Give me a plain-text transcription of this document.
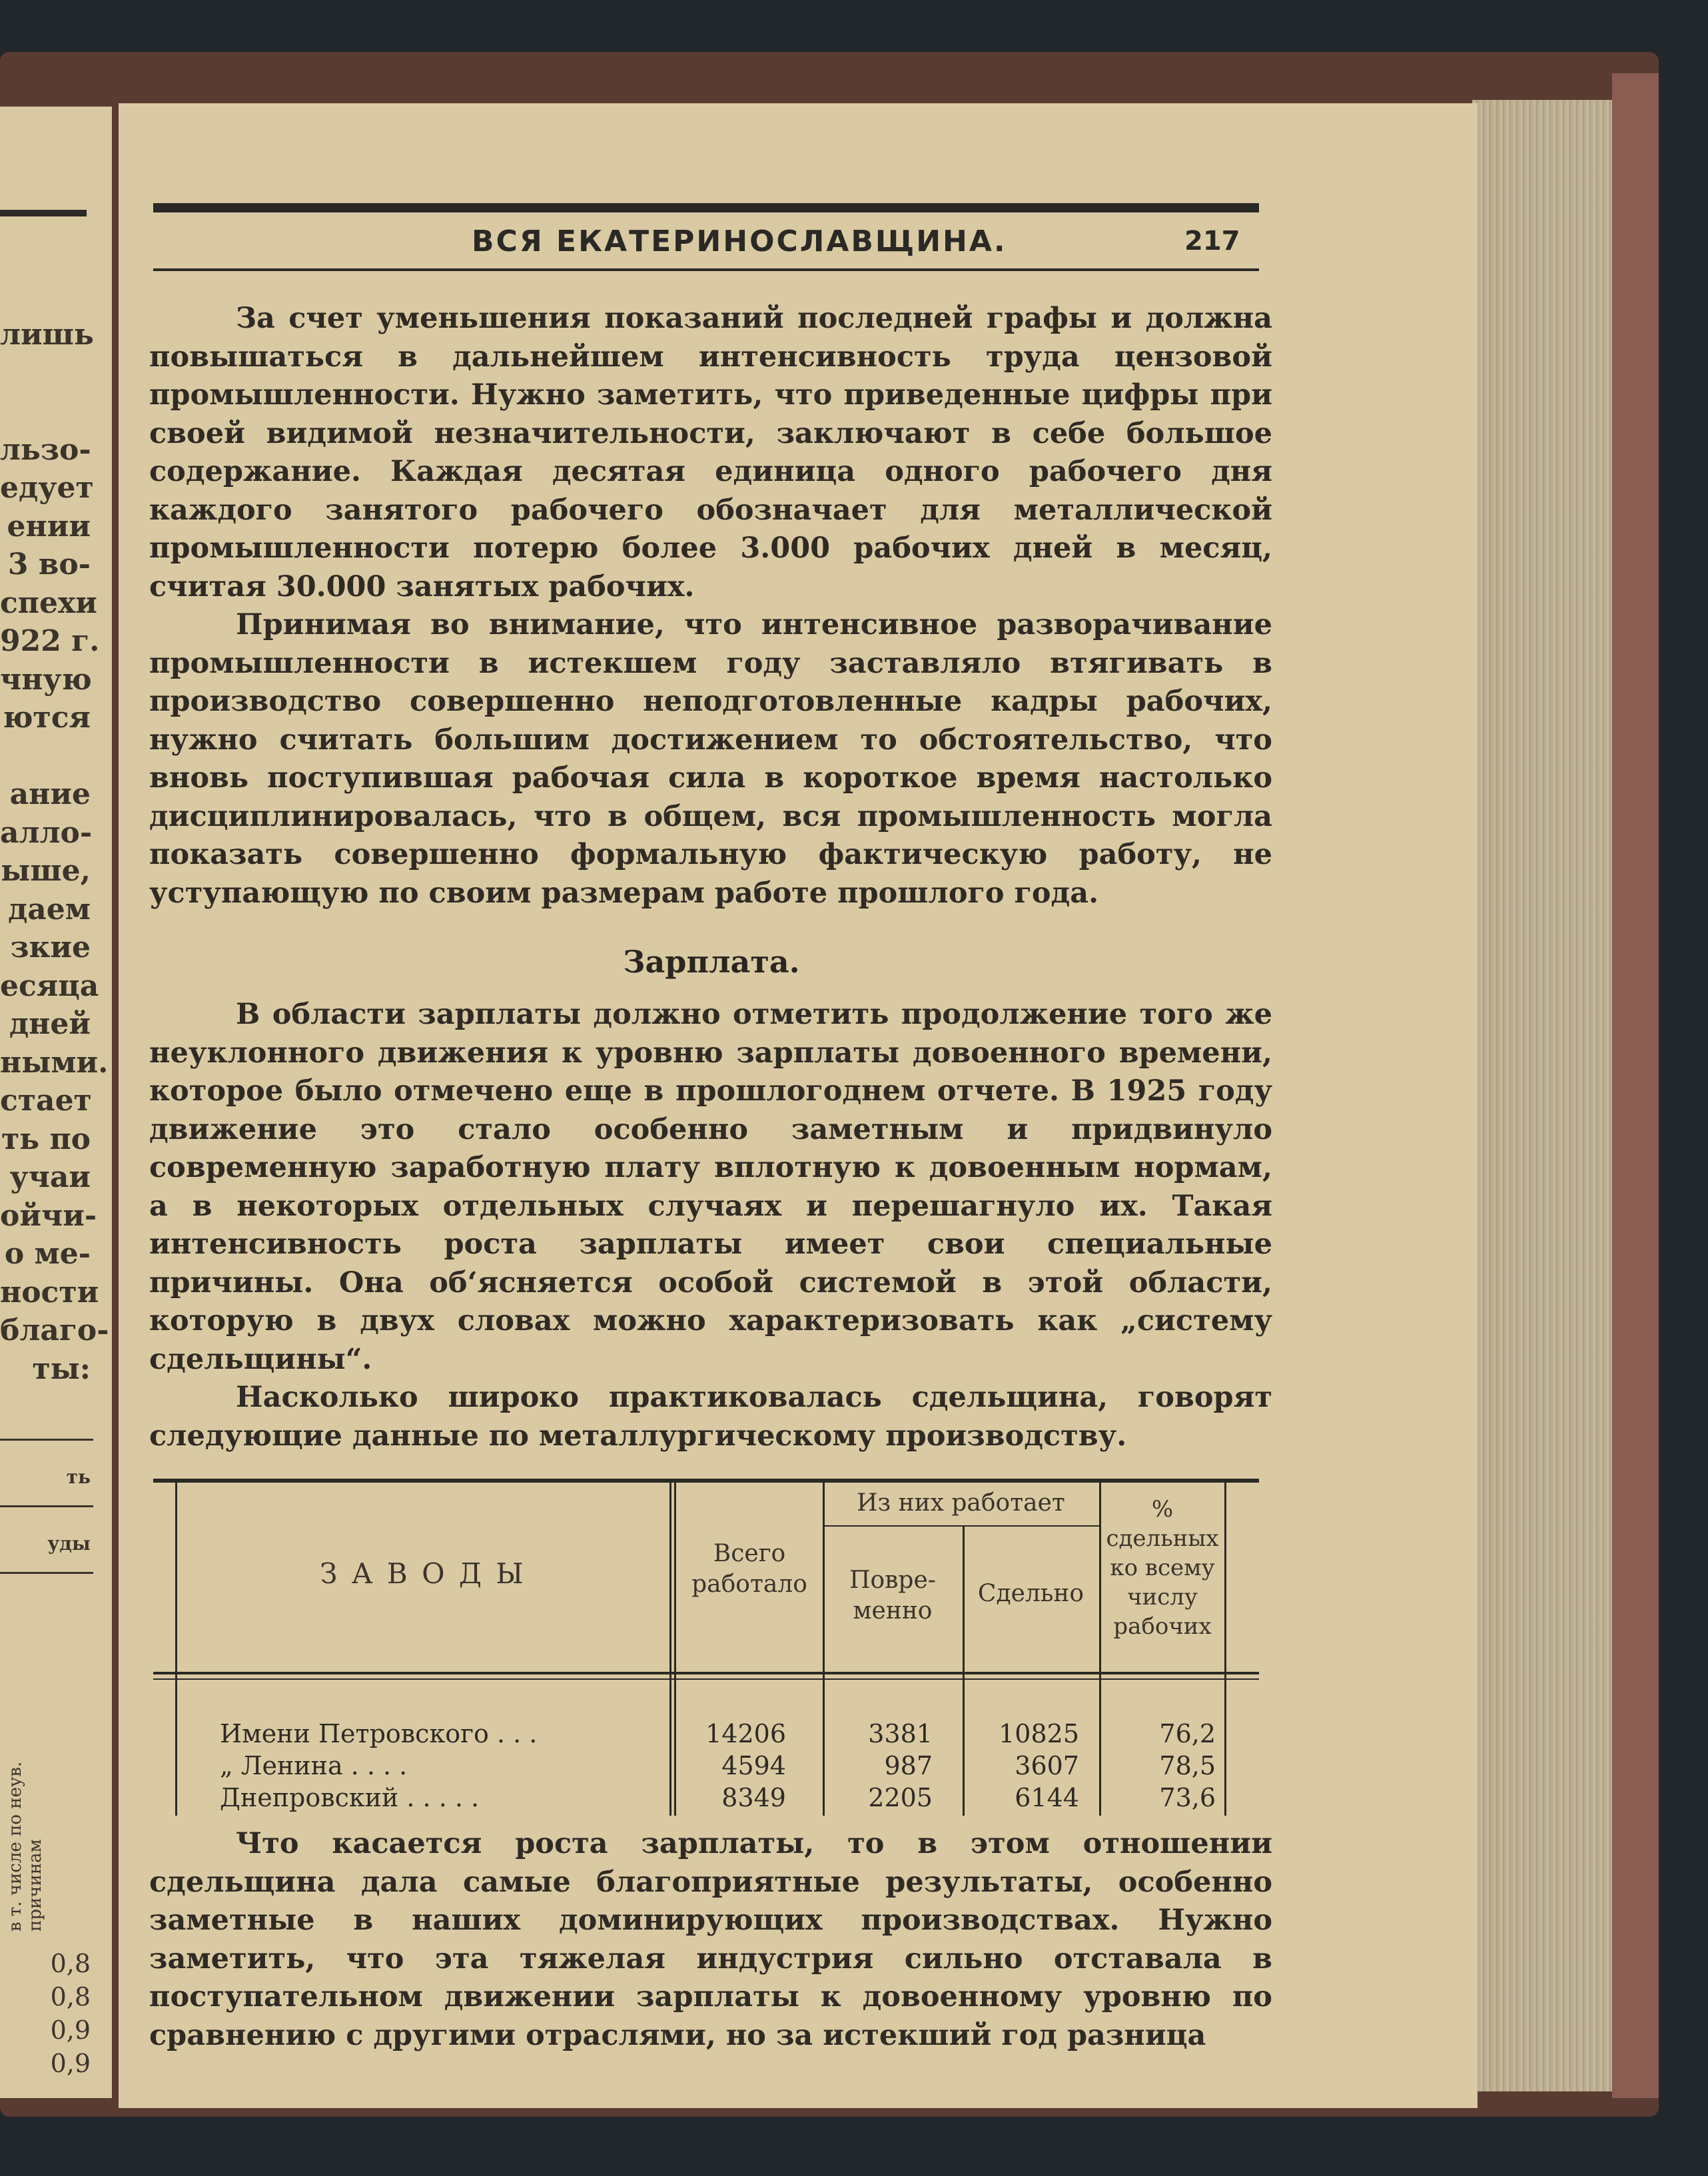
лишь
льзо-
едует
ении
3 во-
спехи
922 г.
чную
ются
ание
алло-
ыше,
даем
зкие
есяца
дней
ными.
стает
ть по
учаи
ойчи-
о ме-
ности
благо-
ты:
ть
уды
в т. числе по неув. причинам
0,8
0,8
0,9
0,9
ВСЯ ЕКАТЕРИНОСЛАВЩИНА.	217

За счет уменьшения показаний последней графы и должна повышаться в дальнейшем интенсивность труда цензовой промышленности. Нужно заметить, что приведенные цифры при своей видимой незначительности, заключают в себе большое содержание. Каждая десятая единица одного рабочего дня каждого занятого рабочего обозначает для металлической промышленности потерю более 3.000 рабочих дней в месяц, считая 30.000 занятых рабочих.

Принимая во внимание, что интенсивное разворачивание промышленности в истекшем году заставляло втягивать в производство совершенно неподготовленные кадры рабочих, нужно считать большим достижением то обстоятельство, что вновь поступившая рабочая сила в короткое время настолько дисциплинировалась, что в общем, вся промышленность могла показать совершенно формальную фактическую работу, не уступающую по своим размерам работе прошлого года.

Зарплата.

В области зарплаты должно отметить продолжение того же неуклонного движения к уровню зарплаты довоенного времени, которое было отмечено еще в прошлогоднем отчете. В 1925 году движение это стало особенно заметным и придвинуло современную заработную плату вплотную к довоенным нормам, а в некоторых отдельных случаях и перешагнуло их. Такая интенсивность роста зарплаты имеет свои специальные причины. Она об‘ясняется особой системой в этой области, которую в двух словах можно характеризовать как „систему сдельщины“.

Насколько широко практиковалась сдельщина, говорят следующие данные по металлургическому производству.

З А В О Д Ы
Всего работало
Из них работает
Повре-менно
Сдельно
% сдельных ко всему числу рабочих
Имени Петровского . . .	14206	3381	10825	76,2
„ Ленина . . . .	4594	987	3607	78,5
Днепровский . . . . .	8349	2205	6144	73,6

Что касается роста зарплаты, то в этом отношении сдельщина дала самые благоприятные результаты, особенно заметные в наших доминирующих производствах. Нужно заметить, что эта тяжелая индустрия сильно отставала в поступательном движении зарплаты к довоенному уровню по сравнению с другими отраслями, но за истекший год разница
